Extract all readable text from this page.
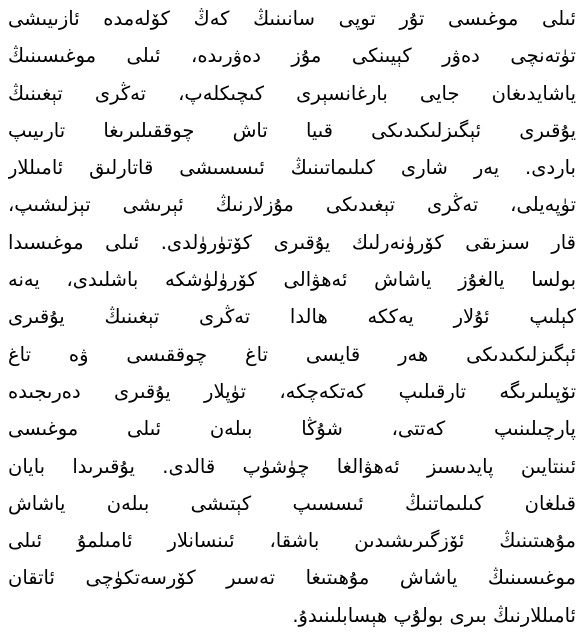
ئىلى موغىسى تۇر توپى سانىنىڭ كەڭ كۆلەمدە ئازىيىشى
تۈتەنچى دەۋر كېيىنكى مۇز دەۋرىدە، ئىلى موغىسىنىڭ
ياشايدىغان جايى بارغانسېرى كىچىكلەپ، تەڭرى تېغىنىڭ
يۇقىرى ئېگىزلىكىدىكى قىيا تاش چوققىلىرىغا تارىيىپ
باردى. يەر شارى كىلىماتىنىڭ ئىسسىشى قاتارلىق ئامىللار
تۈپەيلى، تەڭرى تېغىدىكى مۇزلارنىڭ ئېرىشى تېزلىشىپ،
قار سىزىقى كۆرۈنەرلىك يۇقىرى كۆتۈرۈلدى. ئىلى موغىسىدا
بولسا يالغۇز ياشاش ئەھۋالى كۆرۈلۈشكە باشلىدى، يەنە
كېلىپ ئۇلار يەككە ھالدا تەڭرى تېغىنىڭ يۇقىرى
ئېگىزلىكىدىكى ھەر قايسى تاغ چوققىسى ۋە تاغ
تۆپىلىرىگە تارقىلىپ كەتكەچكە، تۈپلار يۇقىرى دەرىجىدە
پارچىلىنىپ كەتتى، شۇڭا بىلەن ئىلى موغىسى
ئىنتايىن پايدىسىز ئەھۋالغا چۈشۈپ قالدى. يۇقىرىدا بايان
قىلغان كىلىماتنىڭ ئىسسىپ كېتىشى بىلەن ياشاش
مۇھىتىنىڭ ئۆزگىرىشىدىن باشقا، ئىنسانلار ئامىلمۇ ئىلى
موغىسىنىڭ ياشاش مۇھىتىغا تەسىر كۆرسەتكۈچى ئاتقان
ئامىللارنىڭ بىرى بولۇپ ھېسابلىنىدۇ.
